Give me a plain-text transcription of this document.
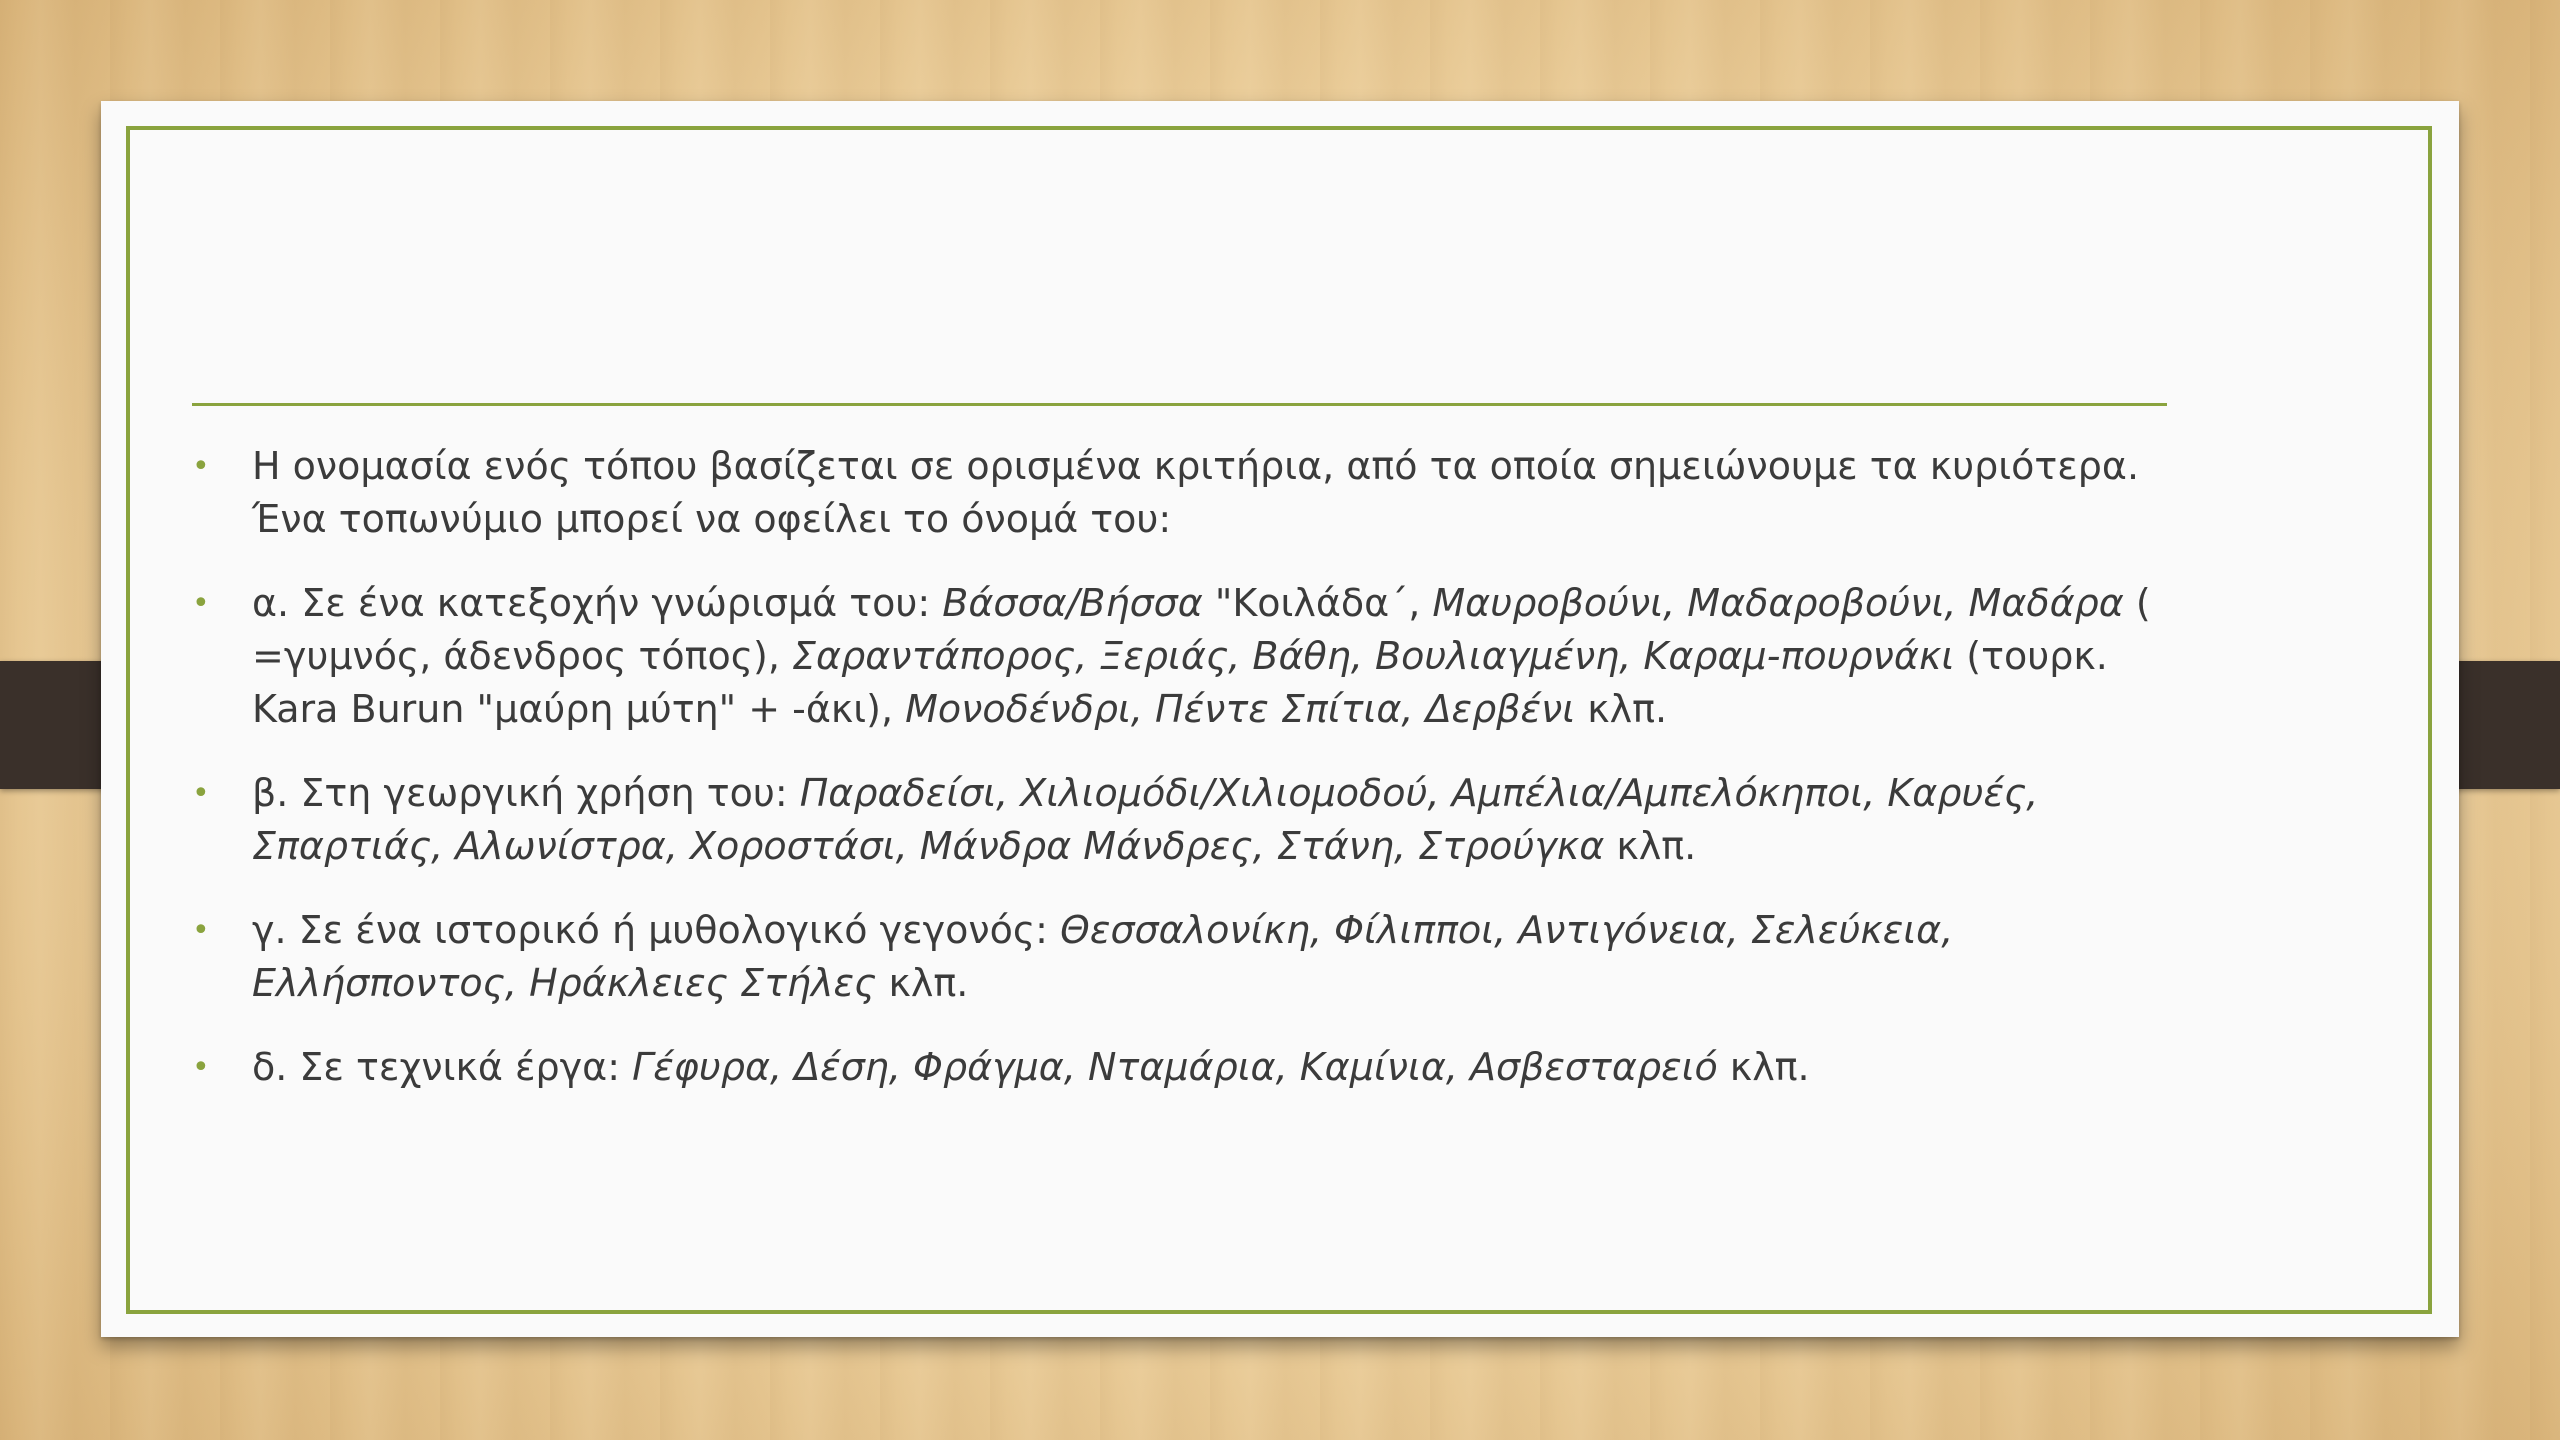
• Η ονομασία ενός τόπου βασίζεται σε ορισμένα κριτήρια, από τα οποία σημειώνουμε τα κυριότερα. Ένα τοπωνύμιο μπορεί να οφείλει το όνομά του:
• α. Σε ένα κατεξοχήν γνώρισμά του: Βάσσα/Βήσσα "Κοιλάδα΄, Μαυροβούνι, Μαδαροβούνι, Μαδάρα ( =γυμνός, άδενδρος τόπος), Σαραντάπορος, Ξεριάς, Βάθη, Βουλιαγμένη, Καραμ-πουρνάκι (τουρκ. Kara Burun "μαύρη μύτη" + -άκι), Μονοδένδρι, Πέντε Σπίτια, Δερβένι κλπ.
• β. Στη γεωργική χρήση του: Παραδείσι, Χιλιομόδι/Χιλιομοδού, Αμπέλια/Αμπελόκηποι, Καρυές, Σπαρτιάς, Αλωνίστρα, Χοροστάσι, Μάνδρα Μάνδρες, Στάνη, Στρούγκα κλπ.
• γ. Σε ένα ιστορικό ή μυθολογικό γεγονός: Θεσσαλονίκη, Φίλιπποι, Αντιγόνεια, Σελεύκεια, Ελλήσποντος, Ηράκλειες Στήλες κλπ.
• δ. Σε τεχνικά έργα: Γέφυρα, Δέση, Φράγμα, Νταμάρια, Καμίνια, Ασβεσταρειό κλπ.
